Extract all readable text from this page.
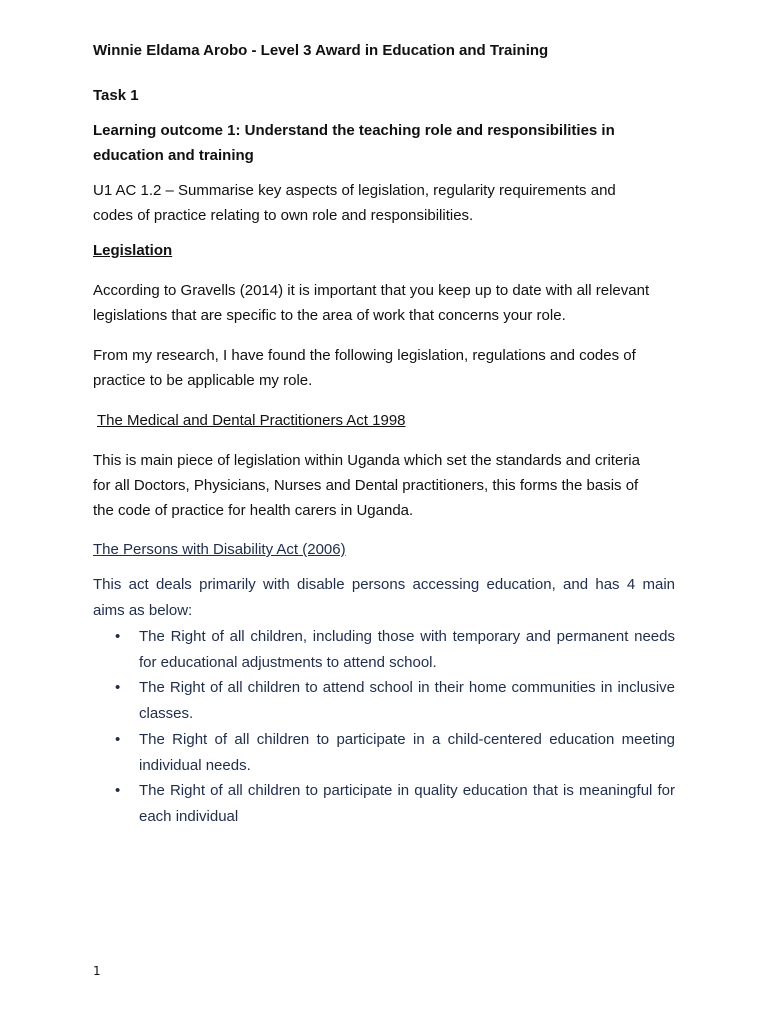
Winnie Eldama Arobo - Level 3 Award in Education and Training

Task 1

Learning outcome 1: Understand the teaching role and responsibilities in
education and training
U1 AC 1.2 – Summarise key aspects of legislation, regularity requirements and
codes of practice relating to own role and responsibilities.

Legislation

According to Gravells (2014) it is important that you keep up to date with all relevant
legislations that are specific to the area of work that concerns your role.
From my research, I have found the following legislation, regulations and codes of
practice to be applicable my role.

The Medical and Dental Practitioners Act 1998

This is main piece of legislation within Uganda which set the standards and criteria
for all Doctors, Physicians, Nurses and Dental practitioners, this forms the basis of
the code of practice for health carers in Uganda.

The Persons with Disability Act (2006)

This act deals primarily with disable persons accessing education, and has 4 main
aims as below:
• The Right of all children, including those with temporary and permanent needs
for educational adjustments to attend school.
• The Right of all children to attend school in their home communities in inclusive
classes.
• The Right of all children to participate in a child-centered education meeting
individual needs.
• The Right of all children to participate in quality education that is meaningful for
each individual
1
